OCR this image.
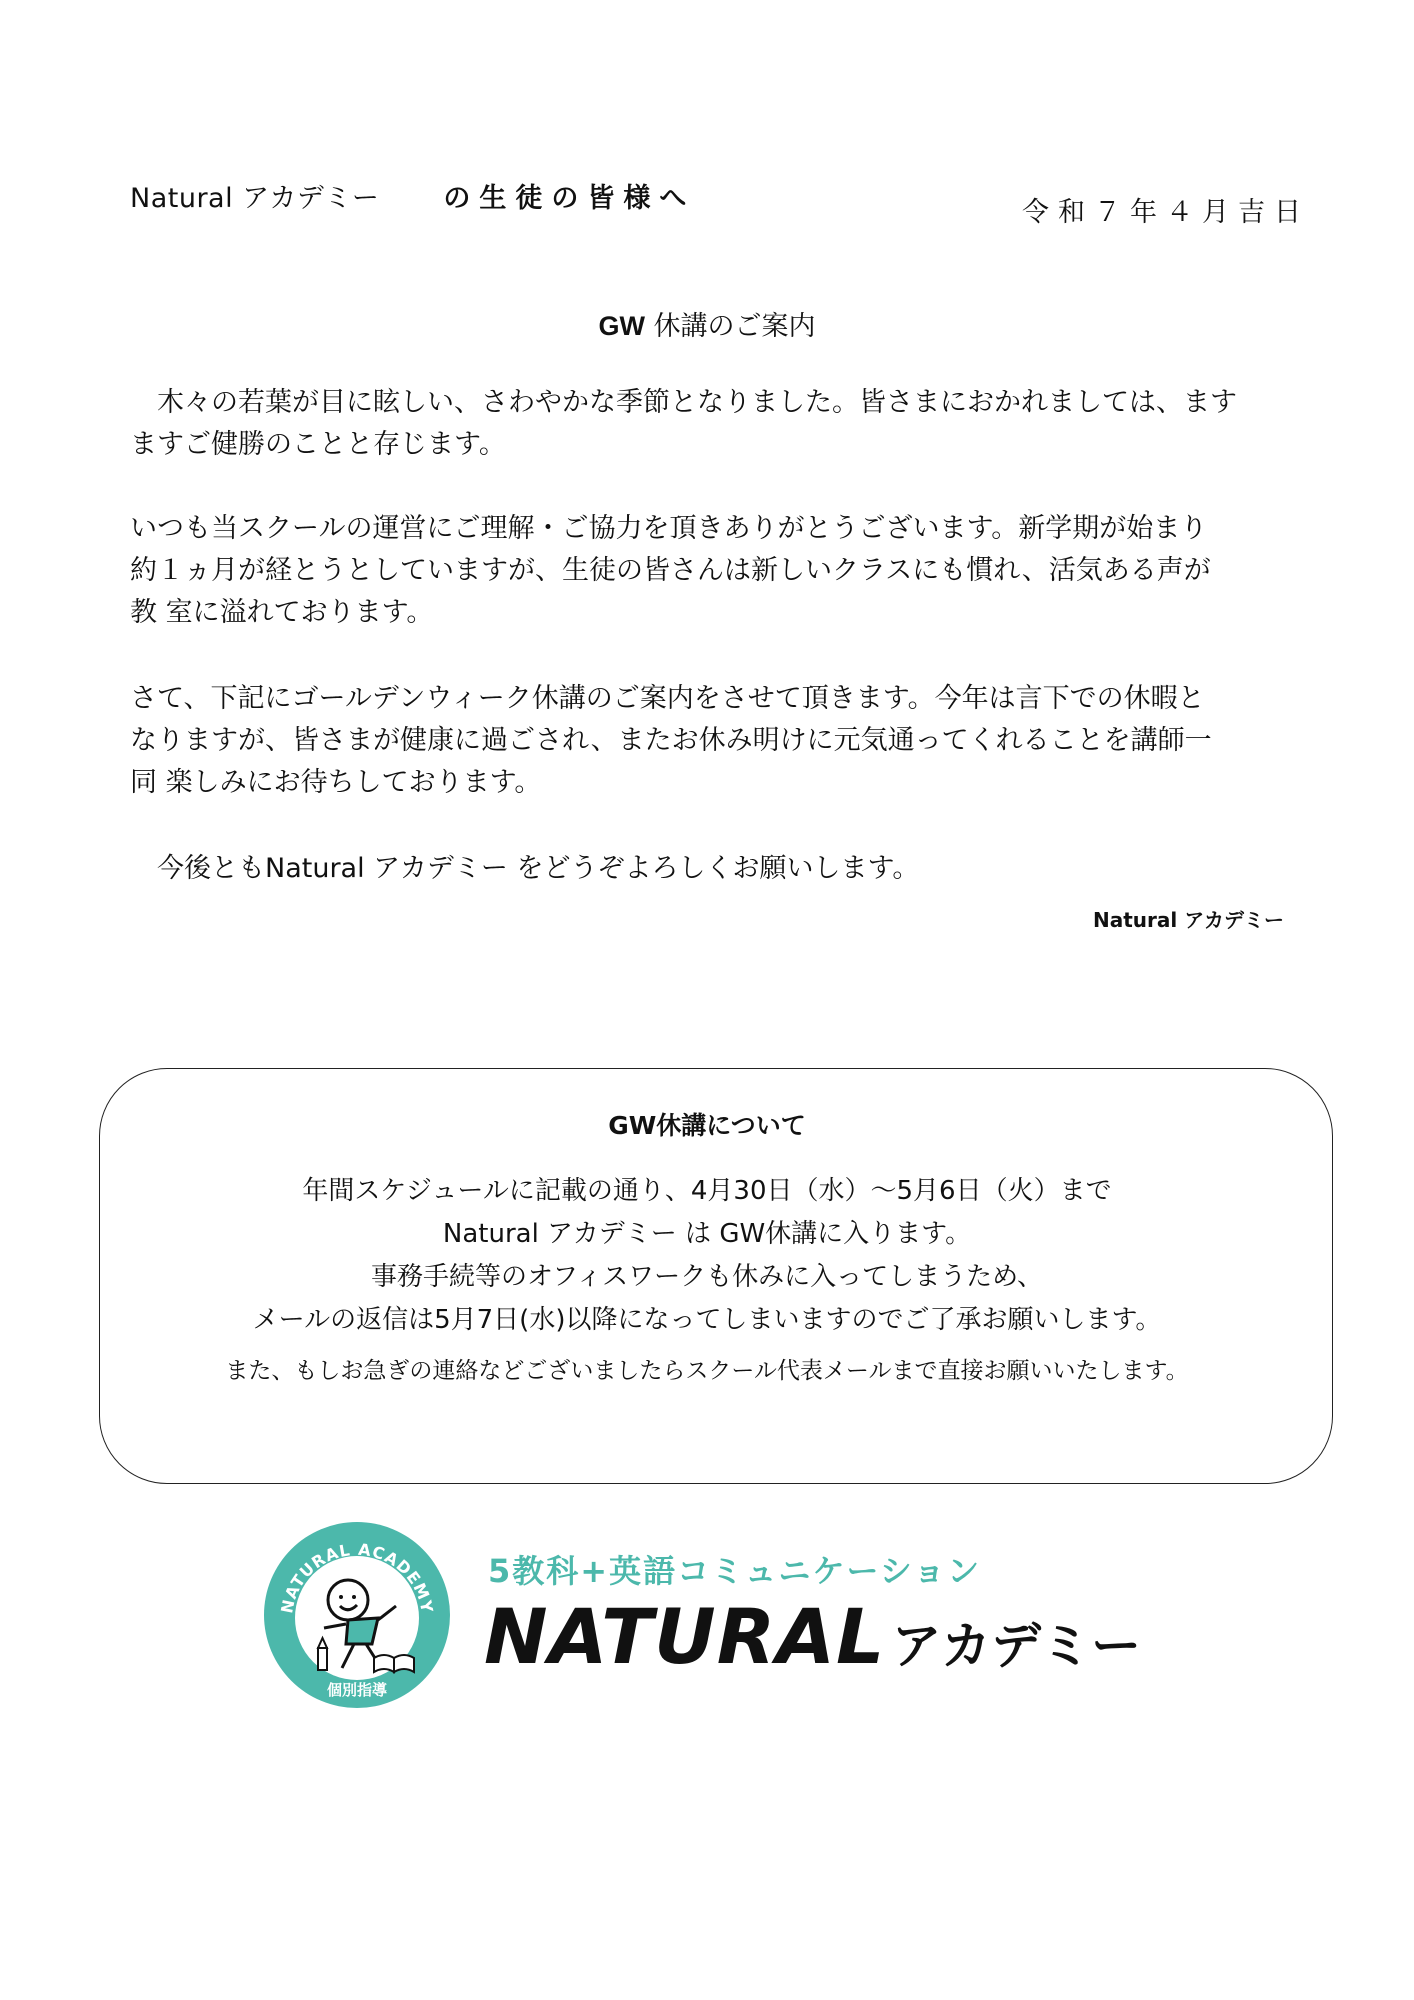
Natural アカデミー の生徒の皆様へ	令和７年４月吉日
GW 休講のご案内
　木々の若葉が目に眩しい、さわやかな季節となりました。皆さまにおかれましては、ます
ますご健勝のことと存じます。
いつも当スクールの運営にご理解・ご協力を頂きありがとうございます。新学期が始まり
約１ヵ月が経とうとしていますが、生徒の皆さんは新しいクラスにも慣れ、活気ある声が
教 室に溢れております。
さて、下記にゴールデンウィーク休講のご案内をさせて頂きます。今年は言下での休暇と
なりますが、皆さまが健康に過ごされ、またお休み明けに元気通ってくれることを講師一
同 楽しみにお待ちしております。
　今後ともNatural アカデミー をどうぞよろしくお願いします。
Natural アカデミー
GW休講について
年間スケジュールに記載の通り、4月30日（水）〜5月6日（火）まで
Natural アカデミー は GW休講に入ります。
事務手続等のオフィスワークも休みに入ってしまうため、
メールの返信は5月7日(水)以降になってしまいますのでご了承お願いします。
また、もしお急ぎの連絡などございましたらスクール代表メールまで直接お願いいたします。
NATURAL ACADEMY
個別指導
5教科+英語コミュニケーション
NATURAL アカデミー
